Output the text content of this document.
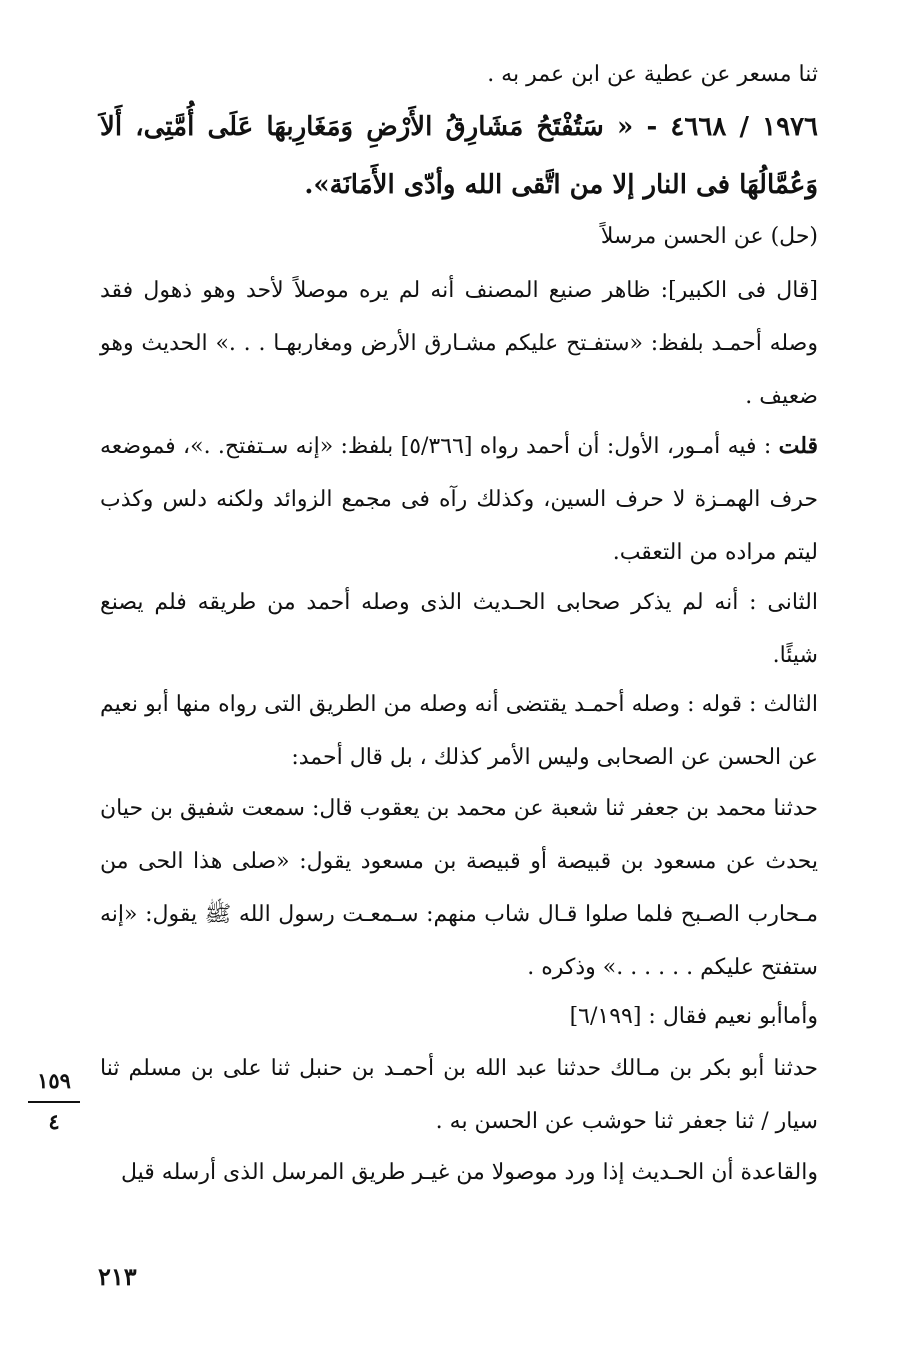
ثنا مسعر عن عطية عن ابن عمر به .

١٩٧٦ / ٤٦٦٨ - « سَتُفْتَحُ مَشَارِقُ الأَرْضِ وَمَغَارِبهَا عَلَى أُمَّتِى، أَلاَ وَعُمَّالُهَا فى النار إلا من اتَّقى الله وأدّى الأَمَانَة».

(حل) عن الحسن مرسلاً

[قال فى الكبير]: ظاهر صنيع المصنف أنه لم يره موصلاً لأحد وهو ذهول فقد وصله أحمـد بلفظ: «ستفـتح عليكم مشـارق الأرض ومغاربهـا . . .» الحديث وهو ضعيف .

قلت : فيه أمـور، الأول: أن أحمد رواه [٥/٣٦٦] بلفظ: «إنه سـتفتح. .»، فموضعه حرف الهمـزة لا حرف السين، وكذلك رآه فى مجمع الزوائد ولكنه دلس وكذب ليتم مراده من التعقب.

الثانى : أنه لم يذكر صحابى الحـديث الذى وصله أحمد من طريقه فلم يصنع شيئًا.

الثالث : قوله : وصله أحمـد يقتضى أنه وصله من الطريق التى رواه منها أبو نعيم عن الحسن عن الصحابى وليس الأمر كذلك ، بل قال أحمد:

حدثنا محمد بن جعفر ثنا شعبة عن محمد بن يعقوب قال: سمعت شفيق بن حيان يحدث عن مسعود بن قبيصة أو قبيصة بن مسعود يقول: «صلى هذا الحى من مـحارب الصـبح فلما صلوا قـال شاب منهم: سـمعـت رسول الله ﷺ يقول: «إنه ستفتح عليكم . . . . . .» وذكره .

وأماأبو نعيم فقال : [٦/١٩٩]

حدثنا أبو بكر بن مـالك حدثنا عبد الله بن أحمـد بن حنبل ثنا على بن مسلم ثنا سيار / ثنا جعفر ثنا حوشب عن الحسن به .

والقاعدة أن الحـديث إذا ورد موصولا من غيـر طريق المرسل الذى أرسله قيل

١٥٩
٤
٢١٣
